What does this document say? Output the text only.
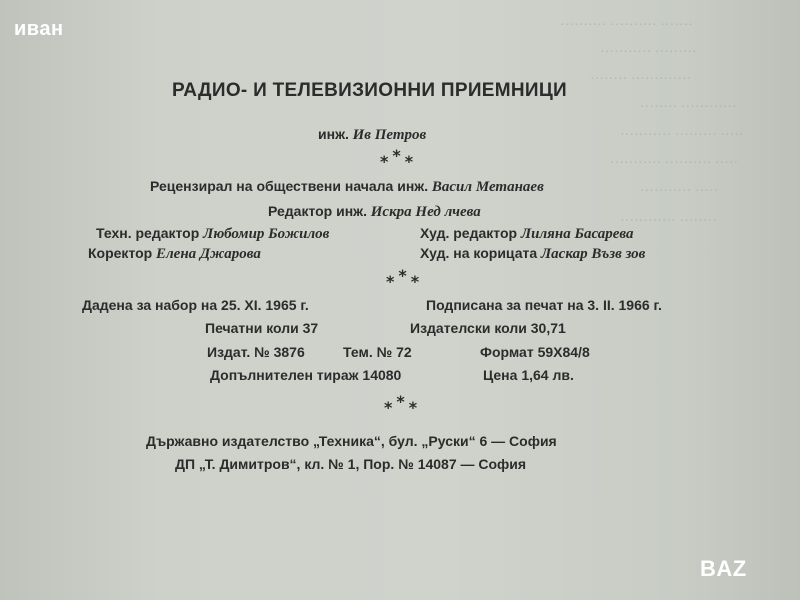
·········· ·········· ·······
··········· ·········
········ ·············
········ ············
··········· ········· ·····
··········· ·········· ·····
··········· ·····
············ ········
иван
РАДИО- И ТЕЛЕВИЗИОННИ ПРИЕМНИЦИ
инж. Ив Петров
* * *
Рецензирал на обществени начала инж. Васил Метанаев
Редактор инж. Искра Нед лчева
Техн. редактор Любомир Божилов	Худ. редактор Лиляна Басарева
Коректор Елена Джарова	Худ. на корицата Ласкар Възв зов
* * *
Дадена за набор на 25. XI. 1965 г.	Подписана за печат на 3. II. 1966 г.
Печатни коли 37	Издателски коли 30,71
Издат. № 3876	Тем. № 72	Формат 59Х84/8
Допълнителен тираж 14080	Цена 1,64 лв.
* * *
Държавно издателство „Техника“, бул. „Руски“ 6 — София
ДП „Т. Димитров“, кл. № 1, Пор. № 14087 — София
BAZ
